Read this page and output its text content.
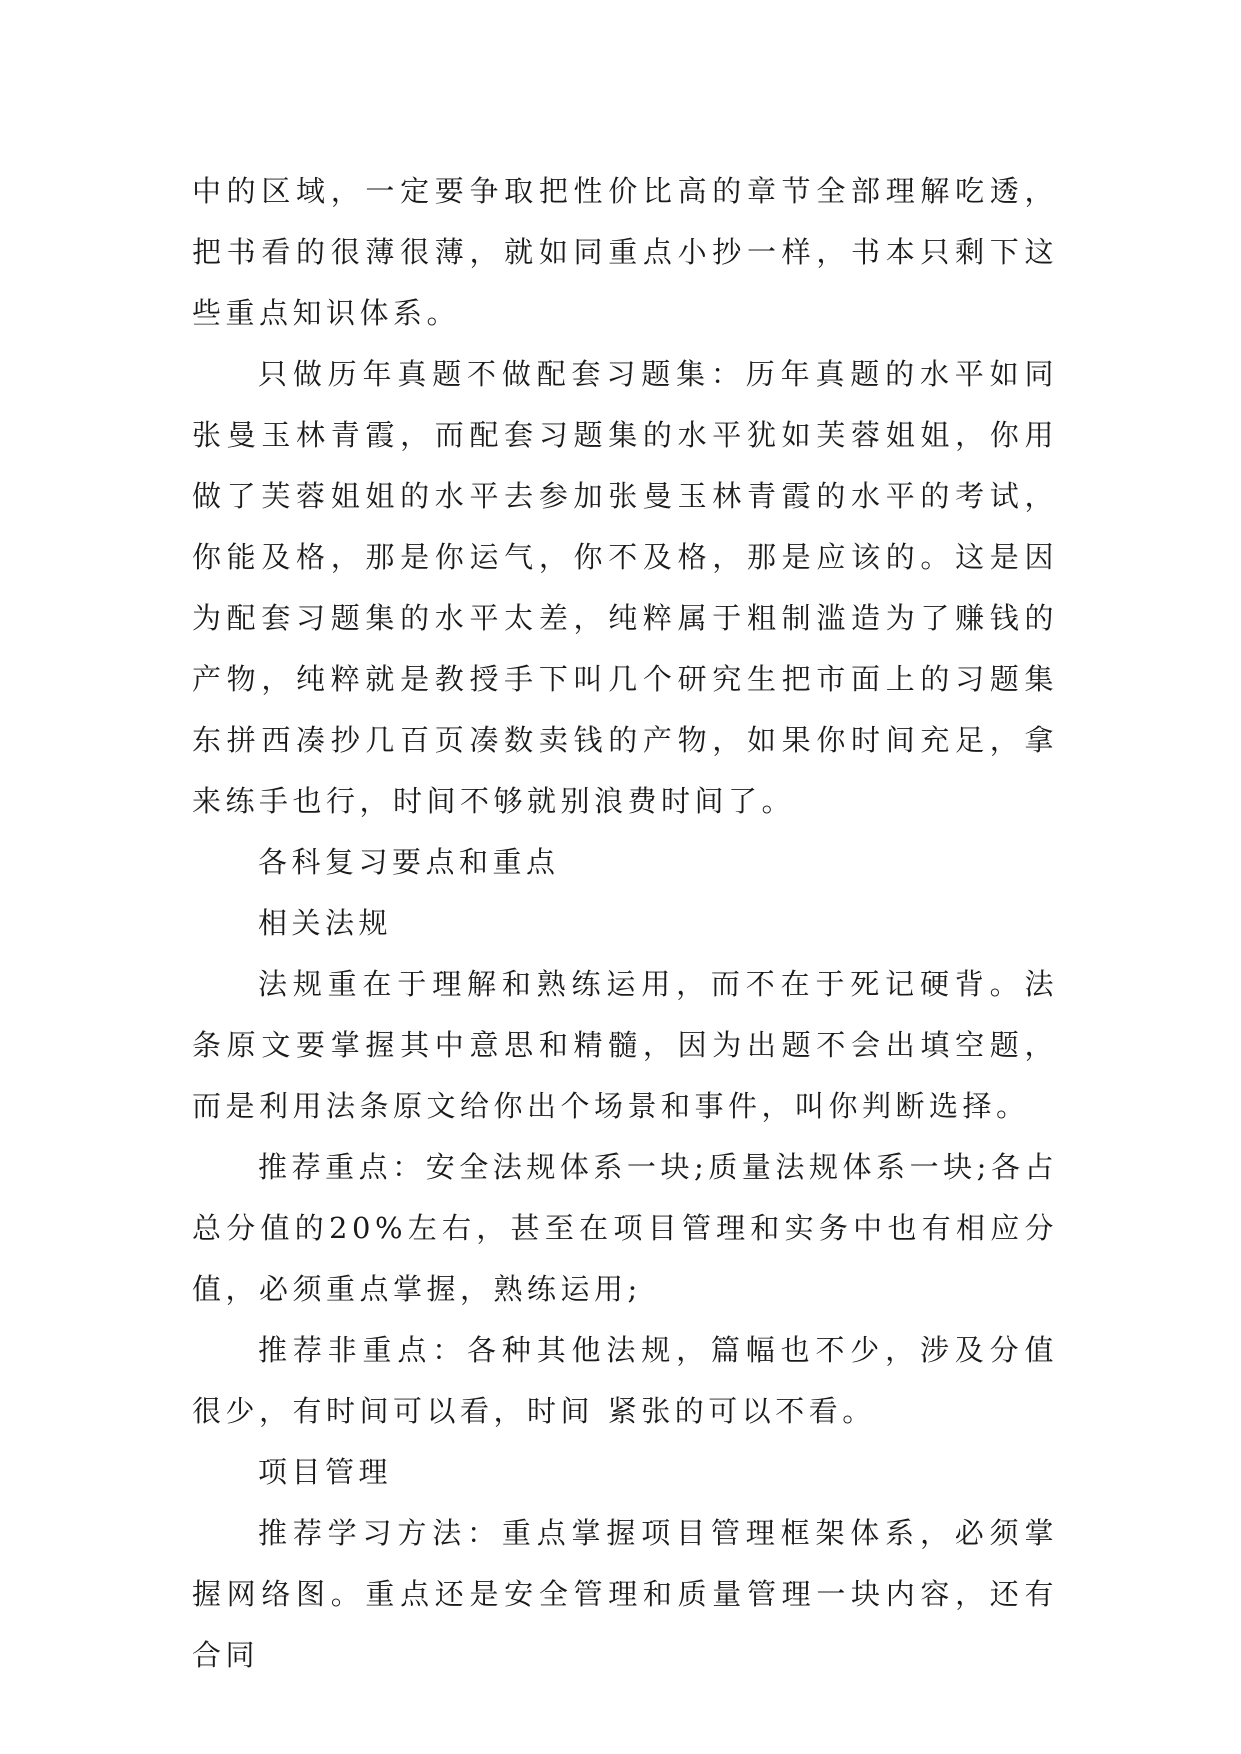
中的区域，一定要争取把性价比高的章节全部理解吃透，把书看的很薄很薄，就如同重点小抄一样，书本只剩下这些重点知识体系。

只做历年真题不做配套习题集：历年真题的水平如同张曼玉林青霞，而配套习题集的水平犹如芙蓉姐姐，你用做了芙蓉姐姐的水平去参加张曼玉林青霞的水平的考试，你能及格，那是你运气，你不及格，那是应该的。这是因为配套习题集的水平太差，纯粹属于粗制滥造为了赚钱的产物，纯粹就是教授手下叫几个研究生把市面上的习题集东拼西凑抄几百页凑数卖钱的产物，如果你时间充足，拿来练手也行，时间不够就别浪费时间了。

各科复习要点和重点

相关法规

法规重在于理解和熟练运用，而不在于死记硬背。法条原文要掌握其中意思和精髓，因为出题不会出填空题，而是利用法条原文给你出个场景和事件，叫你判断选择。

推荐重点：安全法规体系一块;质量法规体系一块;各占总分值的20%左右，甚至在项目管理和实务中也有相应分值，必须重点掌握，熟练运用;

推荐非重点：各种其他法规，篇幅也不少，涉及分值很少，有时间可以看，时间 紧张的可以不看。

项目管理

推荐学习方法：重点掌握项目管理框架体系，必须掌握网络图。重点还是安全管理和质量管理一块内容，还有合同
